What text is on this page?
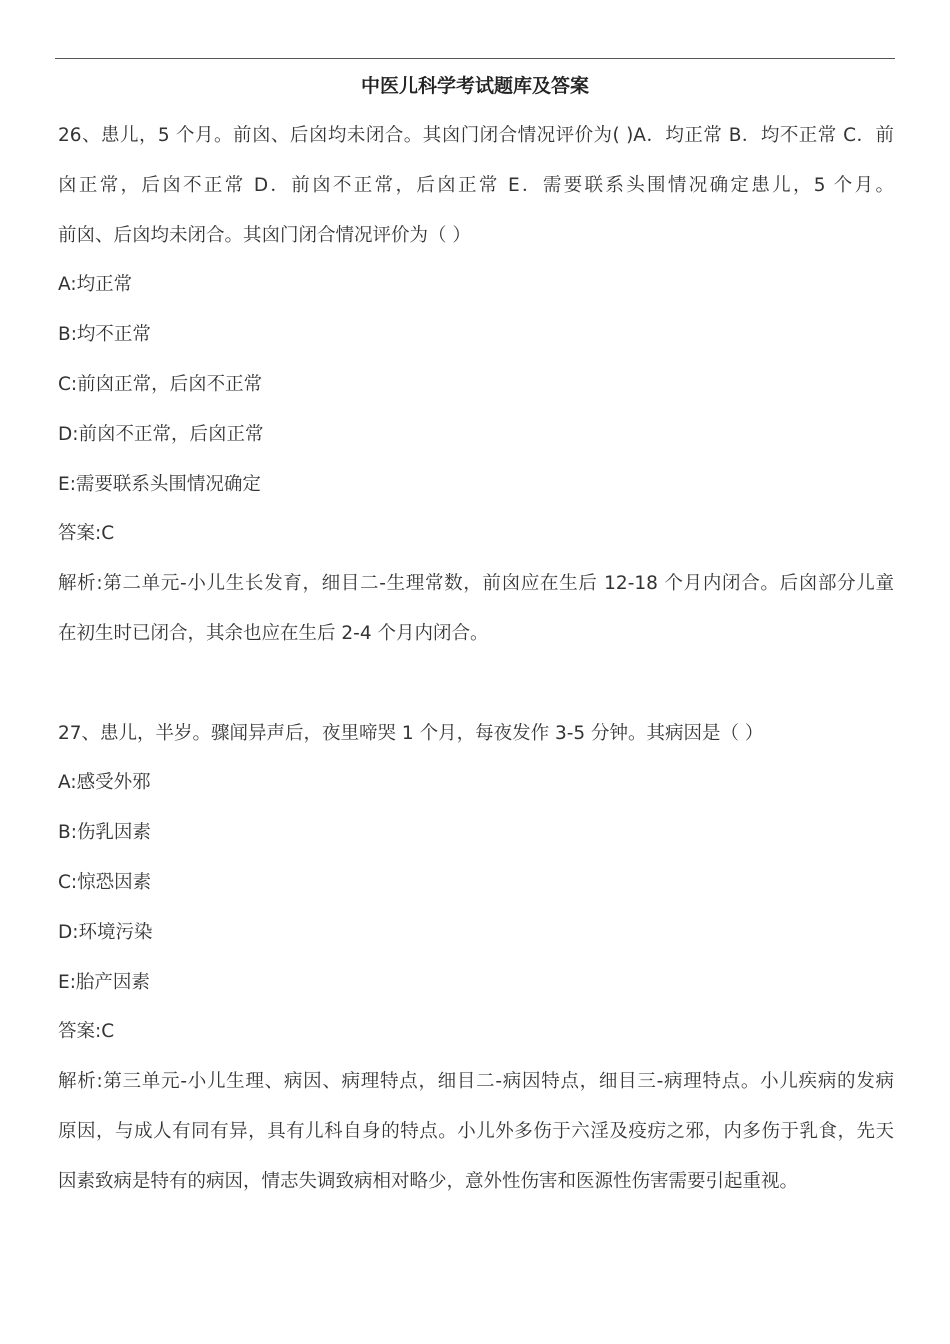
中医儿科学考试题库及答案

26、患儿，5 个月。前囟、后囟均未闭合。其囟门闭合情况评价为( )A．均正常 B．均不正常 C．前

囟正常，后囟不正常 D．前囟不正常，后囟正常 E．需要联系头围情况确定患儿，5 个月。

前囟、后囟均未闭合。其囟门闭合情况评价为（ ）

A:均正常

B:均不正常

C:前囟正常，后囟不正常

D:前囟不正常，后囟正常

E:需要联系头围情况确定

答案:C

解析:第二单元-小儿生长发育，细目二-生理常数，前囟应在生后 12-18 个月内闭合。后囟部分儿童

在初生时已闭合，其余也应在生后 2-4 个月内闭合。

27、患儿，半岁。骤闻异声后，夜里啼哭 1 个月，每夜发作 3-5 分钟。其病因是（ ）

A:感受外邪

B:伤乳因素

C:惊恐因素

D:环境污染

E:胎产因素

答案:C

解析:第三单元-小儿生理、病因、病理特点，细目二-病因特点，细目三-病理特点。小儿疾病的发病

原因，与成人有同有异，具有儿科自身的特点。小儿外多伤于六淫及疫疠之邪，内多伤于乳食，先天

因素致病是特有的病因，情志失调致病相对略少，意外性伤害和医源性伤害需要引起重视。
